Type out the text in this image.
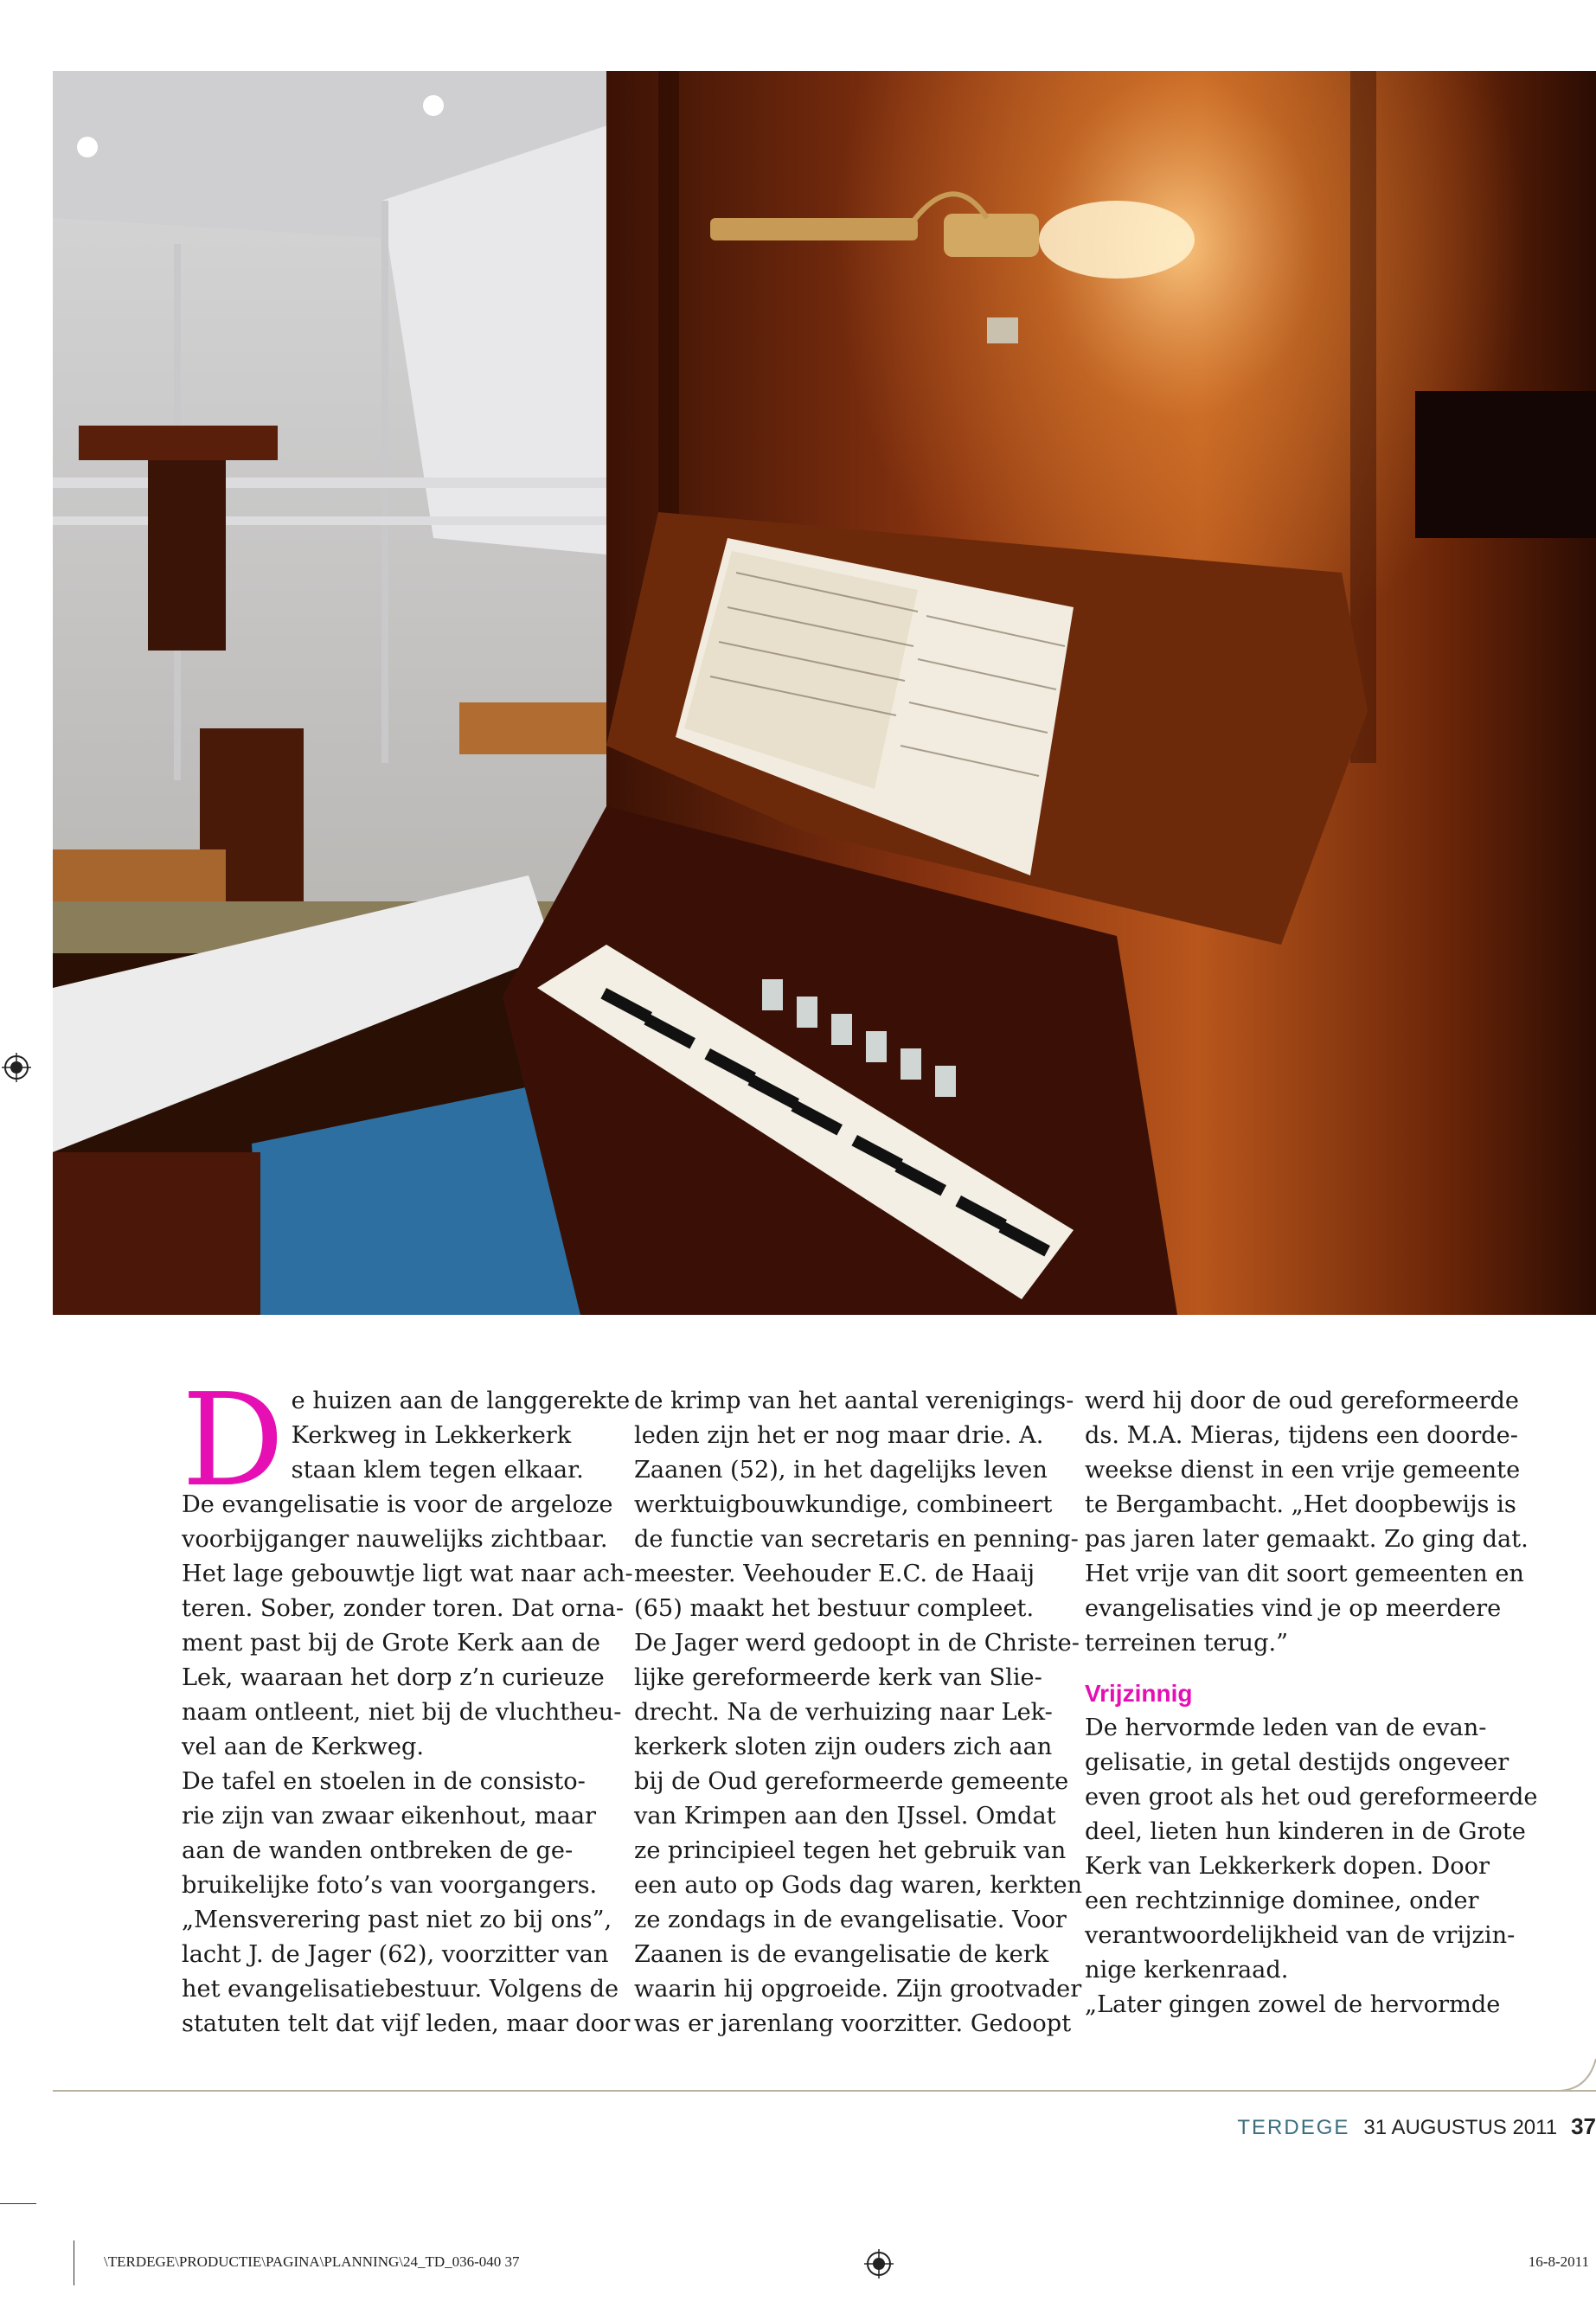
D e huizen aan de langgerekte
Kerkweg in Lekkerkerk
staan klem tegen elkaar.
De evangelisatie is voor de argeloze
voorbijganger nauwelijks zichtbaar.
Het lage gebouwtje ligt wat naar ach-
teren. Sober, zonder toren. Dat orna-
ment past bij de Grote Kerk aan de
Lek, waaraan het dorp z’n curieuze
naam ontleent, niet bij de vluchtheu-
vel aan de Kerkweg.
De tafel en stoelen in de consisto-
rie zijn van zwaar eikenhout, maar
aan de wanden ontbreken de ge-
bruikelijke foto’s van voorgangers.
„Mensverering past niet zo bij ons”,
lacht J. de Jager (62), voorzitter van
het evangelisatiebestuur. Volgens de
statuten telt dat vijf leden, maar door
de krimp van het aantal verenigings-
leden zijn het er nog maar drie. A.
Zaanen (52), in het dagelijks leven
werktuigbouwkundige, combineert
de functie van secretaris en penning-
meester. Veehouder E.C. de Haaij
(65) maakt het bestuur compleet.
De Jager werd gedoopt in de Christe-
lijke gereformeerde kerk van Slie-
drecht. Na de verhuizing naar Lek-
kerkerk sloten zijn ouders zich aan
bij de Oud gereformeerde gemeente
van Krimpen aan den IJssel. Omdat
ze principieel tegen het gebruik van
een auto op Gods dag waren, kerkten
ze zondags in de evangelisatie. Voor
Zaanen is de evangelisatie de kerk
waarin hij opgroeide. Zijn grootvader
was er jarenlang voorzitter. Gedoopt
werd hij door de oud gereformeerde
ds. M.A. Mieras, tijdens een doorde-
weekse dienst in een vrije gemeente
te Bergambacht. „Het doopbewijs is
pas jaren later gemaakt. Zo ging dat.
Het vrije van dit soort gemeenten en
evangelisaties vind je op meerdere
terreinen terug.”
Vrijzinnig
De hervormde leden van de evan-
gelisatie, in getal destijds ongeveer
even groot als het oud gereformeerde
deel, lieten hun kinderen in de Grote
Kerk van Lekkerkerk dopen. Door
een rechtzinnige dominee, onder
verantwoordelijkheid van de vrijzin-
nige kerkenraad.
„Later gingen zowel de hervormde
TERDEGE 31 AUGUSTUS 2011 37
\TERDEGE\PRODUCTIE\PAGINA\PLANNING\24_TD_036-040 37	16-8-2011
